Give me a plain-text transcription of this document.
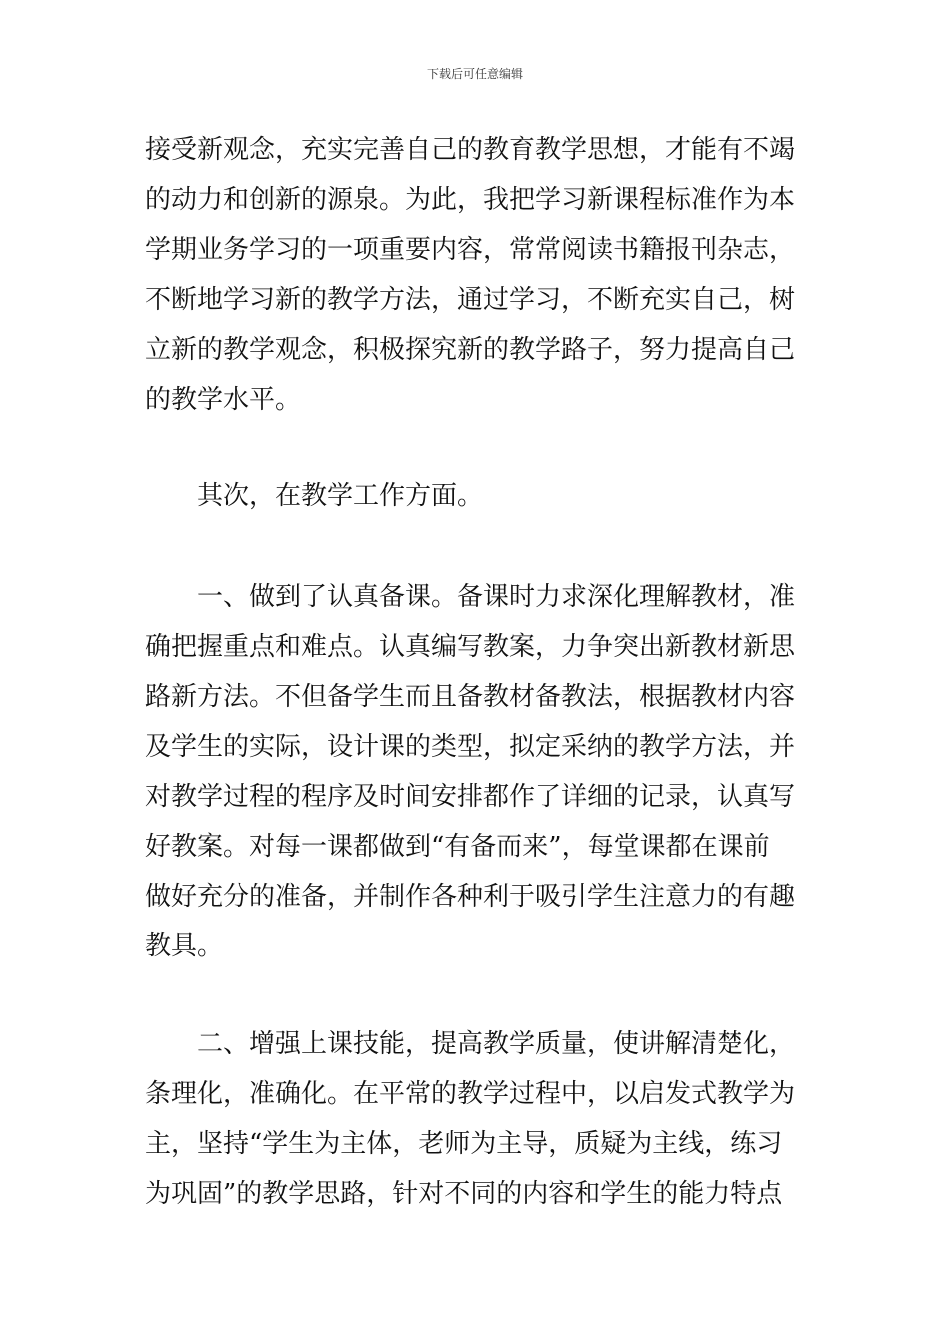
下载后可任意编辑
接受新观念，充实完善自己的教育教学思想，才能有不竭
的动力和创新的源泉。为此，我把学习新课程标准作为本
学期业务学习的一项重要内容，常常阅读书籍报刊杂志，
不断地学习新的教学方法，通过学习，不断充实自己，树
立新的教学观念，积极探究新的教学路子，努力提高自己
的教学水平。
其次，在教学工作方面。
一、做到了认真备课。备课时力求深化理解教材，准
确把握重点和难点。认真编写教案，力争突出新教材新思
路新方法。不但备学生而且备教材备教法，根据教材内容
及学生的实际，设计课的类型，拟定采纳的教学方法，并
对教学过程的程序及时间安排都作了详细的记录，认真写
好教案。对每一课都做到“有备而来”，每堂课都在课前
做好充分的准备，并制作各种利于吸引学生注意力的有趣
教具。
二、增强上课技能，提高教学质量，使讲解清楚化，
条理化，准确化。在平常的教学过程中，以启发式教学为
主，坚持“学生为主体，老师为主导，质疑为主线，练习
为巩固”的教学思路，针对不同的内容和学生的能力特点
